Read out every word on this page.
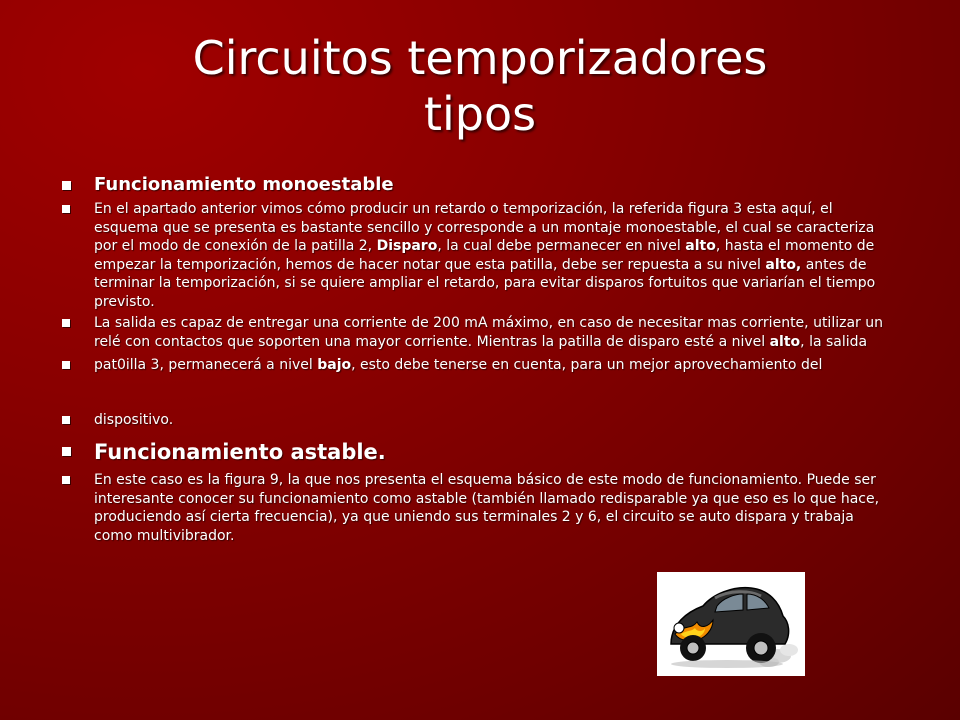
Circuitos temporizadores
tipos
Funcionamiento monoestable
En el apartado anterior vimos cómo producir un retardo o temporización, la referida figura 3 esta aquí, el esquema que se presenta es bastante sencillo y corresponde a un montaje monoestable, el cual se caracteriza por el modo de conexión de la patilla 2, Disparo, la cual debe permanecer en nivel alto, hasta el momento de empezar la temporización, hemos de hacer notar que esta patilla, debe ser repuesta a su nivel alto, antes de terminar la temporización, si se quiere ampliar el retardo, para evitar disparos fortuitos que variarían el tiempo previsto.
La salida es capaz de entregar una corriente de 200 mA máximo, en caso de necesitar mas corriente, utilizar un relé con contactos que soporten una mayor corriente. Mientras la patilla de disparo esté a nivel alto, la salida
pat0illa 3, permanecerá a nivel bajo, esto debe tenerse en cuenta, para un mejor aprovechamiento del
dispositivo.
Funcionamiento astable.
En este caso es la figura 9, la que nos presenta el esquema básico de este modo de funcionamiento. Puede ser interesante conocer su funcionamiento como astable (también llamado redisparable ya que eso es lo que hace, produciendo así cierta frecuencia), ya que uniendo sus terminales 2 y 6, el circuito se auto dispara y trabaja como multivibrador.
